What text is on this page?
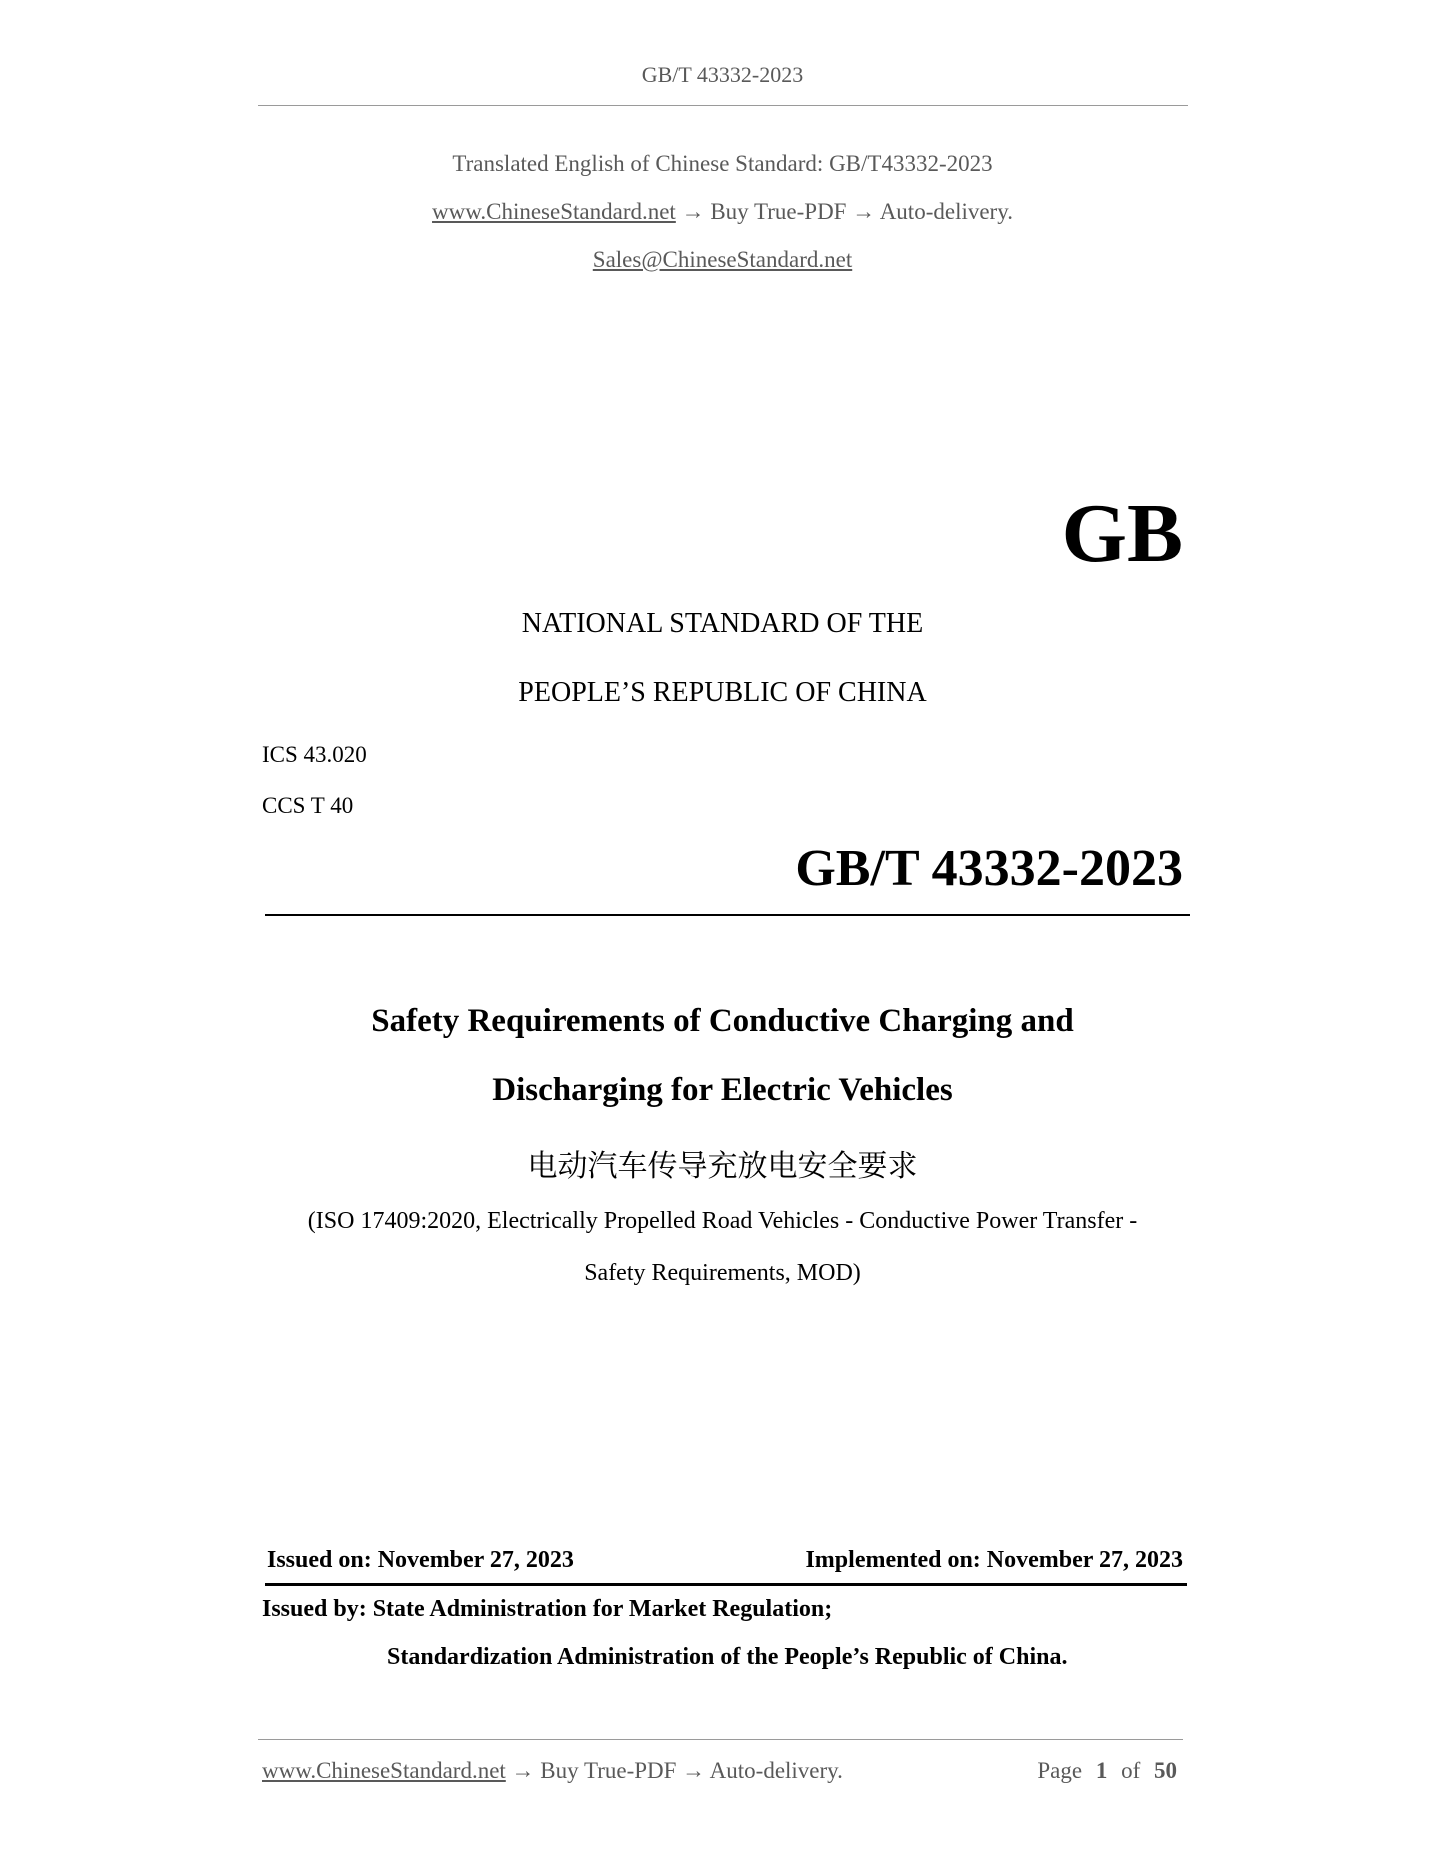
GB/T 43332-2023
Translated English of Chinese Standard: GB/T43332-2023
www.ChineseStandard.net → Buy True-PDF → Auto-delivery.
Sales@ChineseStandard.net
GB
NATIONAL STANDARD OF THE
PEOPLE’S REPUBLIC OF CHINA
ICS 43.020
CCS T 40
GB/T 43332-2023
Safety Requirements of Conductive Charging and
Discharging for Electric Vehicles
电动汽车传导充放电安全要求
(ISO 17409:2020, Electrically Propelled Road Vehicles - Conductive Power Transfer -
Safety Requirements, MOD)
Issued on: November 27, 2023	Implemented on: November 27, 2023
Issued by: State Administration for Market Regulation;
Standardization Administration of the People’s Republic of China.
www.ChineseStandard.net → Buy True-PDF → Auto-delivery.	Page 1 of 50
